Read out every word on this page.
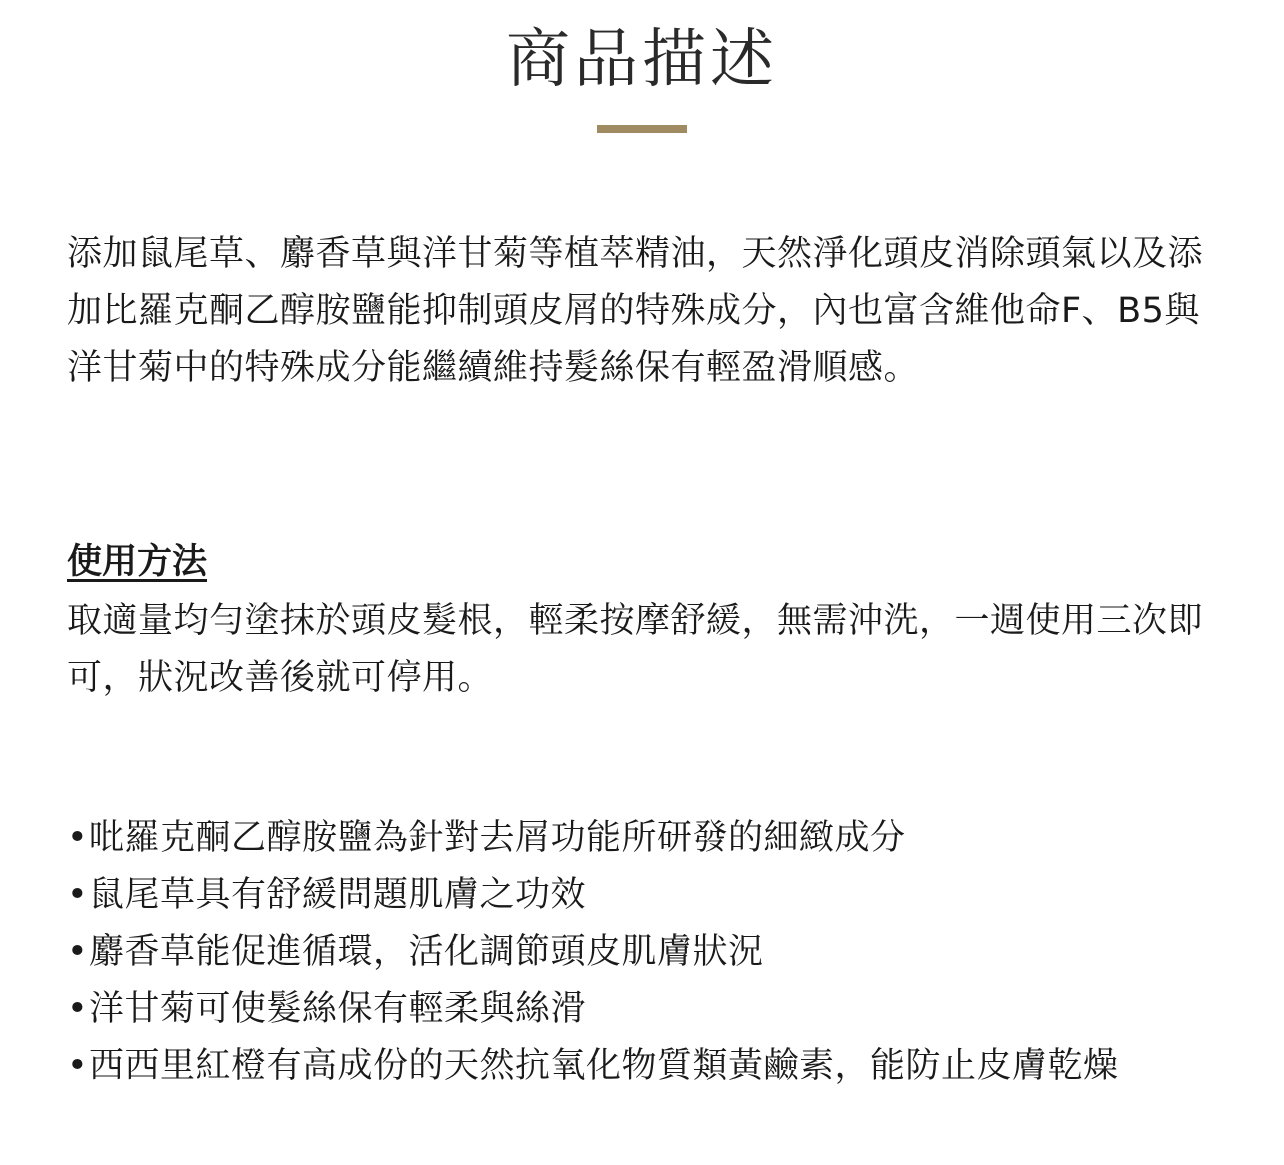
商品描述

添加鼠尾草、麝香草與洋甘菊等植萃精油，天然淨化頭皮消除頭氣以及添加比羅克酮乙醇胺鹽能抑制頭皮屑的特殊成分，內也富含維他命F、B5與洋甘菊中的特殊成分能繼續維持髮絲保有輕盈滑順感。

使用方法

取適量均勻塗抹於頭皮髮根，輕柔按摩舒緩，無需沖洗，一週使用三次即可，狀況改善後就可停用。

•吡羅克酮乙醇胺鹽為針對去屑功能所研發的細緻成分
•鼠尾草具有舒緩問題肌膚之功效
•麝香草能促進循環，活化調節頭皮肌膚狀況
•洋甘菊可使髮絲保有輕柔與絲滑
•西西里紅橙有高成份的天然抗氧化物質類黃鹼素，能防止皮膚乾燥
